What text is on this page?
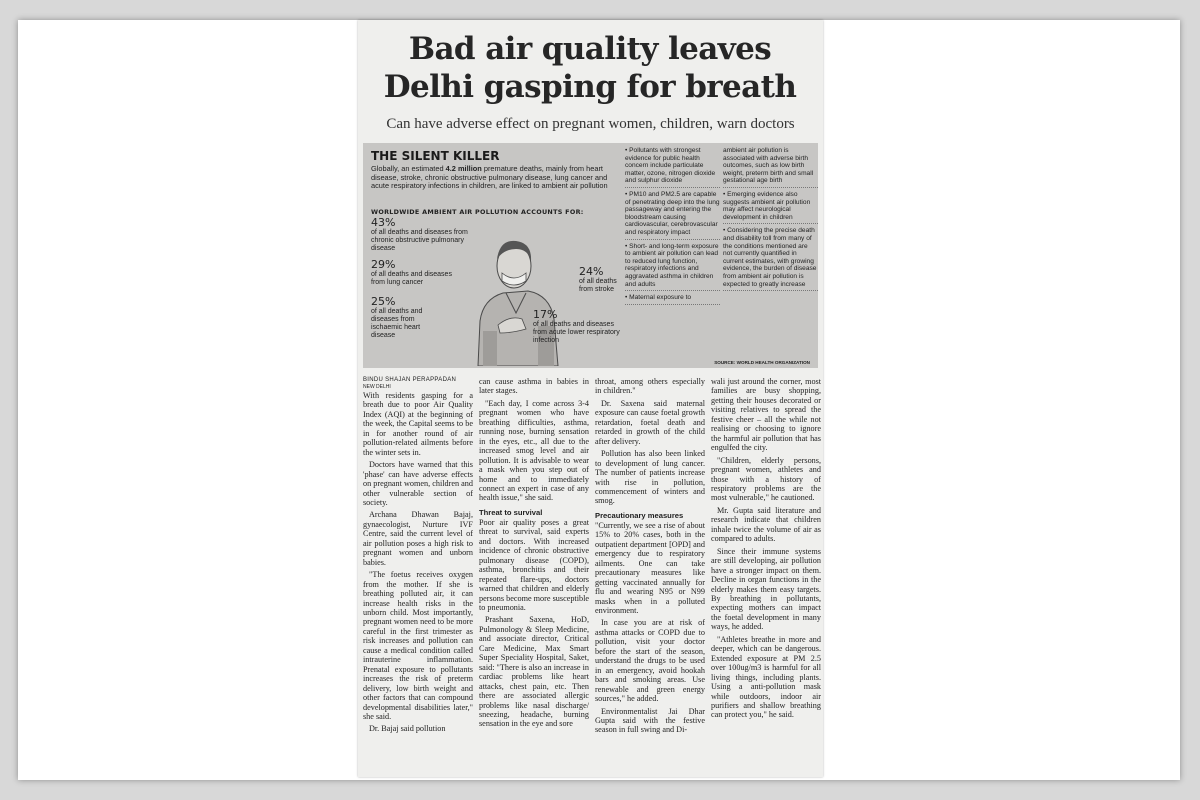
Bad air quality leaves Delhi gasping for breath
Can have adverse effect on pregnant women, children, warn doctors
THE SILENT KILLER
Globally, an estimated 4.2 million premature deaths, mainly from heart disease, stroke, chronic obstructive pulmonary disease, lung cancer and acute respiratory infections in children, are linked to ambient air pollution
WORLDWIDE AMBIENT AIR POLLUTION ACCOUNTS FOR:
43%
of all deaths and diseases from chronic obstructive pulmonary disease
29%
of all deaths and diseases from lung cancer
25%
of all deaths and diseases from ischaemic heart disease
24%
of all deaths from stroke
17%
of all deaths and diseases from acute lower respiratory infection
• Pollutants with strongest evidence for public health concern include particulate matter, ozone, nitrogen dioxide and sulphur dioxide
• PM10 and PM2.5 are capable of penetrating deep into the lung passageway and entering the bloodstream causing cardiovascular, cerebrovascular and respiratory impact
• Short- and long-term exposure to ambient air pollution can lead to reduced lung function, respiratory infections and aggravated asthma in children and adults
• Maternal exposure to
ambient air pollution is associated with adverse birth outcomes, such as low birth weight, preterm birth and small gestational age birth
• Emerging evidence also suggests ambient air pollution may affect neurological development in children
• Considering the precise death and disability toll from many of the conditions mentioned are not currently quantified in current estimates, with growing evidence, the burden of disease from ambient air pollution is expected to greatly increase
SOURCE: WORLD HEALTH ORGANIZATION
BINDU SHAJAN PERAPPADAN
NEW DELHI

With residents gasping for a breath due to poor Air Quality Index (AQI) at the beginning of the week, the Capital seems to be in for another round of air pollution-related ailments before the winter sets in.

Doctors have warned that this 'phase' can have adverse effects on pregnant women, children and other vulnerable section of society.

Archana Dhawan Bajaj, gynaecologist, Nurture IVF Centre, said the current level of air pollution poses a high risk to pregnant women and unborn babies.

"The foetus receives oxygen from the mother. If she is breathing polluted air, it can increase health risks in the unborn child. Most importantly, pregnant women need to be more careful in the first trimester as risk increases and pollution can cause a medical condition called intrauterine inflammation. Prenatal exposure to pollutants increases the risk of preterm delivery, low birth weight and other factors that can compound developmental disabilities later," she said.

Dr. Bajaj said pollution

can cause asthma in babies in later stages.

"Each day, I come across 3-4 pregnant women who have breathing difficulties, asthma, running nose, burning sensation in the eyes, etc., all due to the increased smog level and air pollution. It is advisable to wear a mask when you step out of home and to immediately connect an expert in case of any health issue," she said.

Threat to survival

Poor air quality poses a great threat to survival, said experts and doctors. With increased incidence of chronic obstructive pulmonary disease (COPD), asthma, bronchitis and their repeated flare-ups, doctors warned that children and elderly persons become more susceptible to pneumonia.

Prashant Saxena, HoD, Pulmonology & Sleep Medicine, and associate director, Critical Care Medicine, Max Smart Super Speciality Hospital, Saket, said: "There is also an increase in cardiac problems like heart attacks, chest pain, etc. Then there are associated allergic problems like nasal discharge/ sneezing, headache, burning sensation in the eye and sore

throat, among others especially in children."

Dr. Saxena said maternal exposure can cause foetal growth retardation, foetal death and retarded in growth of the child after delivery.

Pollution has also been linked to development of lung cancer. The number of patients increase with rise in pollution, commencement of winters and smog.

Precautionary measures

"Currently, we see a rise of about 15% to 20% cases, both in the outpatient department [OPD] and emergency due to respiratory ailments. One can take precautionary measures like getting vaccinated annually for flu and wearing N95 or N99 masks when in a polluted environment.

In case you are at risk of asthma attacks or COPD due to pollution, visit your doctor before the start of the season, understand the drugs to be used in an emergency, avoid hookah bars and smoking areas. Use renewable and green energy sources," he added.

Environmentalist Jai Dhar Gupta said with the festive season in full swing and Di-

wali just around the corner, most families are busy shopping, getting their houses decorated or visiting relatives to spread the festive cheer – all the while not realising or choosing to ignore the harmful air pollution that has engulfed the city.

"Children, elderly persons, pregnant women, athletes and those with a history of respiratory problems are the most vulnerable," he cautioned.

Mr. Gupta said literature and research indicate that children inhale twice the volume of air as compared to adults.

Since their immune systems are still developing, air pollution have a stronger impact on them. Decline in organ functions in the elderly makes them easy targets. By breathing in pollutants, expecting mothers can impact the foetal development in many ways, he added.

"Athletes breathe in more and deeper, which can be dangerous. Extended exposure at PM 2.5 over 100ug/m3 is harmful for all living things, including plants. Using a anti-pollution mask while outdoors, indoor air purifiers and shallow breathing can protect you," he said.
